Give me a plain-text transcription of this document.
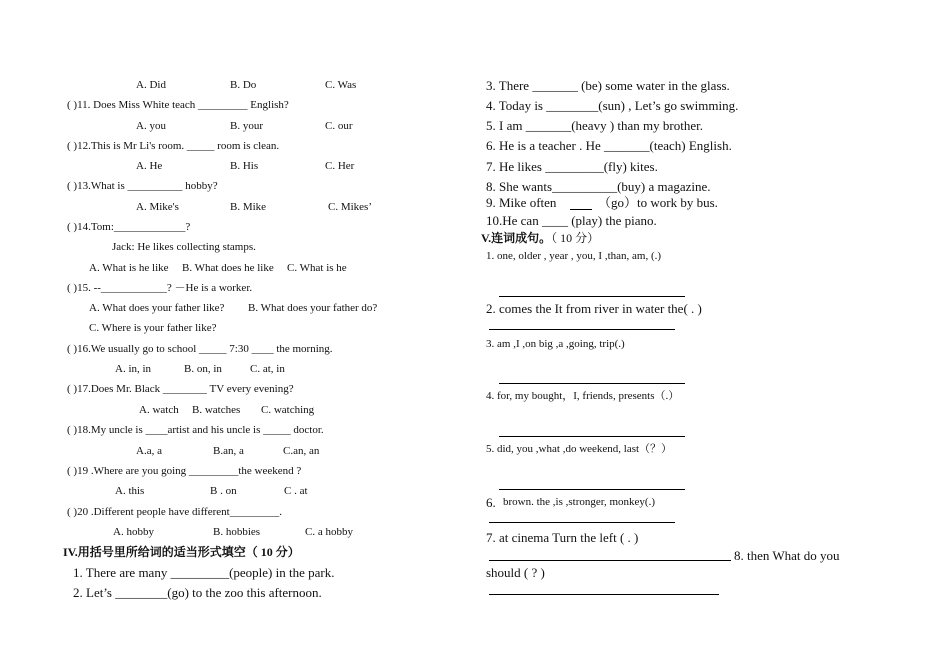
A. Did	B. Do	C. Was
( )11. Does Miss White teach _________ English?
A. you	B. your	C. our
( )12.This is Mr Li's room. _____ room is clean.
A. He	B. His	C. Her
( )13.What is __________ hobby?
A. Mike's	B. Mike	C. Mikes’
( )14.Tom:_____________?
Jack: He likes collecting stamps.
A. What is he like B. What does he like C. What is he
( )15. --____________? －He is a worker.
A. What does your father like? B. What does your father do?
C. Where is your father like?
( )16.We usually go to school _____ 7:30 ____ the morning.
A. in, in	B. on, in	C. at, in
( )17.Does Mr. Black ________ TV every evening?
A. watch B. watches C. watching
( )18.My uncle is ____artist and his uncle is _____ doctor.
A.a, a	B.an, a	C.an, an
( )19 .Where are you going _________the weekend ?
A. this	B . on	C . at
( )20 .Different people have different_________.
A. hobby	B. hobbies	C. a hobby
IV.用括号里所给词的适当形式填空（ 10 分）
1. There are many _________(people) in the park.
2. Let’s ________(go) to the zoo this afternoon.
3. There _______ (be) some water in the glass.
4. Today is ________(sun) , Let’s go swimming.
5. I am _______(heavy ) than my brother.
6. He is a teacher . He _______(teach) English.
7. He likes _________(fly) kites.
8. She wants__________(buy) a magazine.
9. Mike often	（go）to work by bus.
10.He can ____ (play) the piano.
V.连词成句。（ 10 分）
1. one, older , year , you, I ,than, am, (.)
2. comes the It from river in water the( . )
3. am ,I ,on big ,a ,going, trip(.)
4. for, my bought，I, friends, presents（.）
5. did, you ,what ,do weekend, last（？）
6. brown. the ,is ,stronger, monkey(.)
7. at cinema Turn the left ( . )
8. then What do you
should ( ? )
